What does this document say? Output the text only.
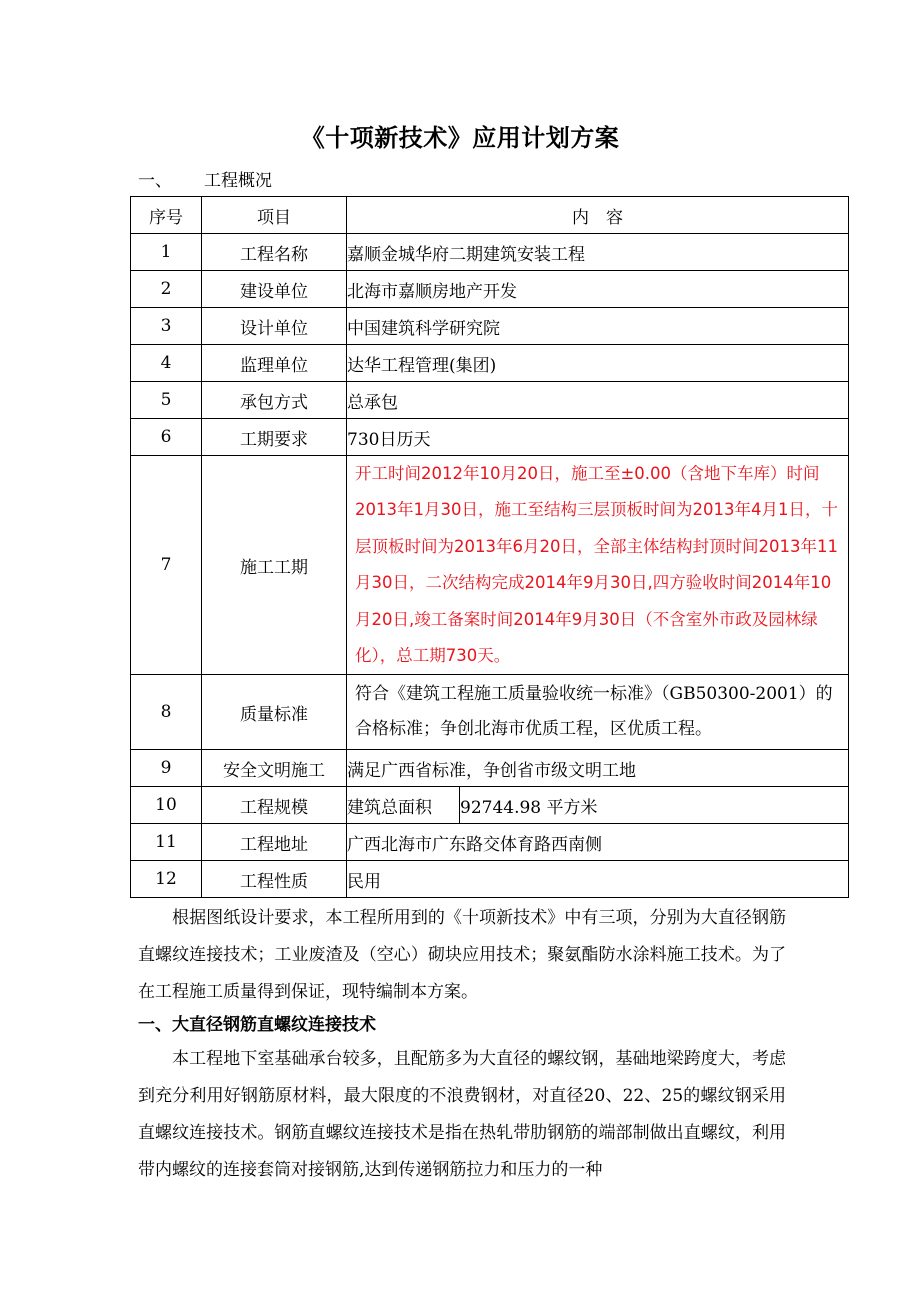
《十项新技术》应用计划方案
一、 工程概况
序号	项目	内　容
1	工程名称	嘉顺金城华府二期建筑安装工程
2	建设单位	北海市嘉顺房地产开发
3	设计单位	中国建筑科学研究院
4	监理单位	达华工程管理(集团)
5	承包方式	总承包
6	工期要求	730日历天
7	施工工期	开工时间2012年10月20日，施工至±0.00（含地下车库）时间2013年1月30日，施工至结构三层顶板时间为2013年4月1日，十层顶板时间为2013年6月20日，全部主体结构封顶时间2013年11月30日，二次结构完成2014年9月30日,四方验收时间2014年10月20日,竣工备案时间2014年9月30日（不含室外市政及园林绿化），总工期730天。
8	质量标准	符合《建筑工程施工质量验收统一标准》（GB50300-2001）的合格标准；争创北海市优质工程，区优质工程。
9	安全文明施工	满足广西省标准，争创省市级文明工地
10	工程规模	建筑总面积	92744.98 平方米

11	工程地址	广西北海市广东路交体育路西南侧
12	工程性质	民用
根据图纸设计要求，本工程所用到的《十项新技术》中有三项，分别为大直径钢筋直螺纹连接技术；工业废渣及（空心）砌块应用技术；聚氨酯防水涂料施工技术。为了在工程施工质量得到保证，现特编制本方案。
一、大直径钢筋直螺纹连接技术
本工程地下室基础承台较多，且配筋多为大直径的螺纹钢，基础地梁跨度大，考虑到充分利用好钢筋原材料，最大限度的不浪费钢材，对直径20、22、25的螺纹钢采用直螺纹连接技术。钢筋直螺纹连接技术是指在热轧带肋钢筋的端部制做出直螺纹，利用带内螺纹的连接套筒对接钢筋,达到传递钢筋拉力和压力的一种
